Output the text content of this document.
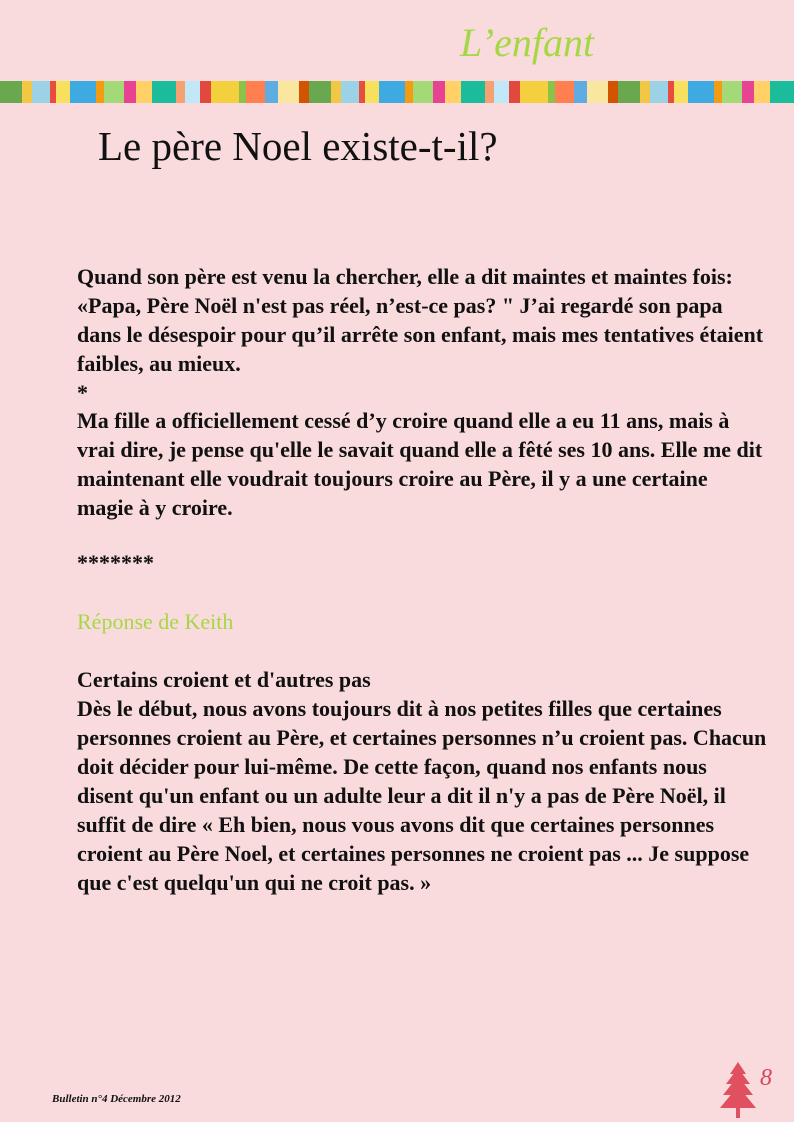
L’enfant
Le père Noel existe-t-il?
Quand son père est venu la chercher, elle a dit maintes et maintes fois: «Papa, Père Noël n'est pas réel, n’est-ce pas? " J’ai regardé son papa dans le désespoir pour qu’il arrête son enfant, mais mes tentatives étaient faibles, au mieux.
*
Ma fille a officiellement cessé d’y croire quand elle a eu 11 ans, mais à vrai dire, je pense qu'elle le savait quand elle a fêté ses 10 ans. Elle me dit maintenant elle voudrait toujours croire au Père, il y a une certaine magie à y croire.
*******
Réponse de Keith
Certains croient et d'autres pas
Dès le début, nous avons toujours dit à nos petites filles que certaines personnes croient au Père, et certaines personnes n’u croient pas. Chacun doit décider pour lui-même. De cette façon, quand nos enfants nous disent qu'un enfant ou un adulte leur a dit il n'y a pas de Père Noël, il suffit de dire « Eh bien, nous vous avons dit que certaines personnes croient au Père Noel, et certaines personnes ne croient pas ... Je suppose que c'est quelqu'un qui ne croit pas. »
Bulletin n°4 Décembre 2012
8
